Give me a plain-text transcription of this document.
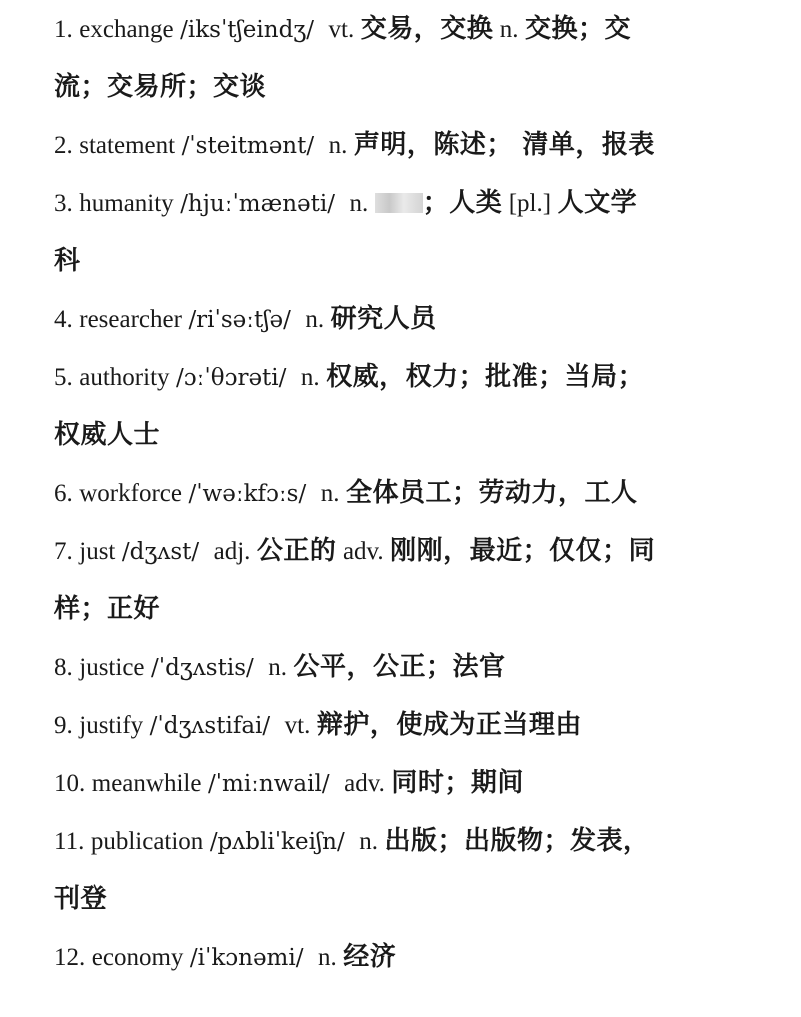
1. exchange /iksˈtʃeindʒ/ vt. 交易，交换 n. 交换；交
流；交易所；交谈
2. statement /ˈsteitmənt/ n. 声明，陈述； 清单，报表
3. humanity /hjuːˈmænəti/ n. ；人类 [pl.] 人文学
科
4. researcher /riˈsəːtʃə/ n. 研究人员
5. authority /ɔːˈθɔrəti/ n. 权威，权力；批准；当局；
权威人士
6. workforce /ˈwəːkfɔːs/ n. 全体员工；劳动力，工人
7. just /dʒʌst/ adj. 公正的 adv. 刚刚，最近；仅仅；同
样；正好
8. justice /ˈdʒʌstis/ n. 公平，公正；法官
9. justify /ˈdʒʌstifai/ vt. 辩护，使成为正当理由
10. meanwhile /ˈmiːnwail/ adv. 同时；期间
11. publication /pʌbliˈkeiʃn/ n. 出版；出版物；发表，
刊登
12. economy /iˈkɔnəmi/ n. 经济
